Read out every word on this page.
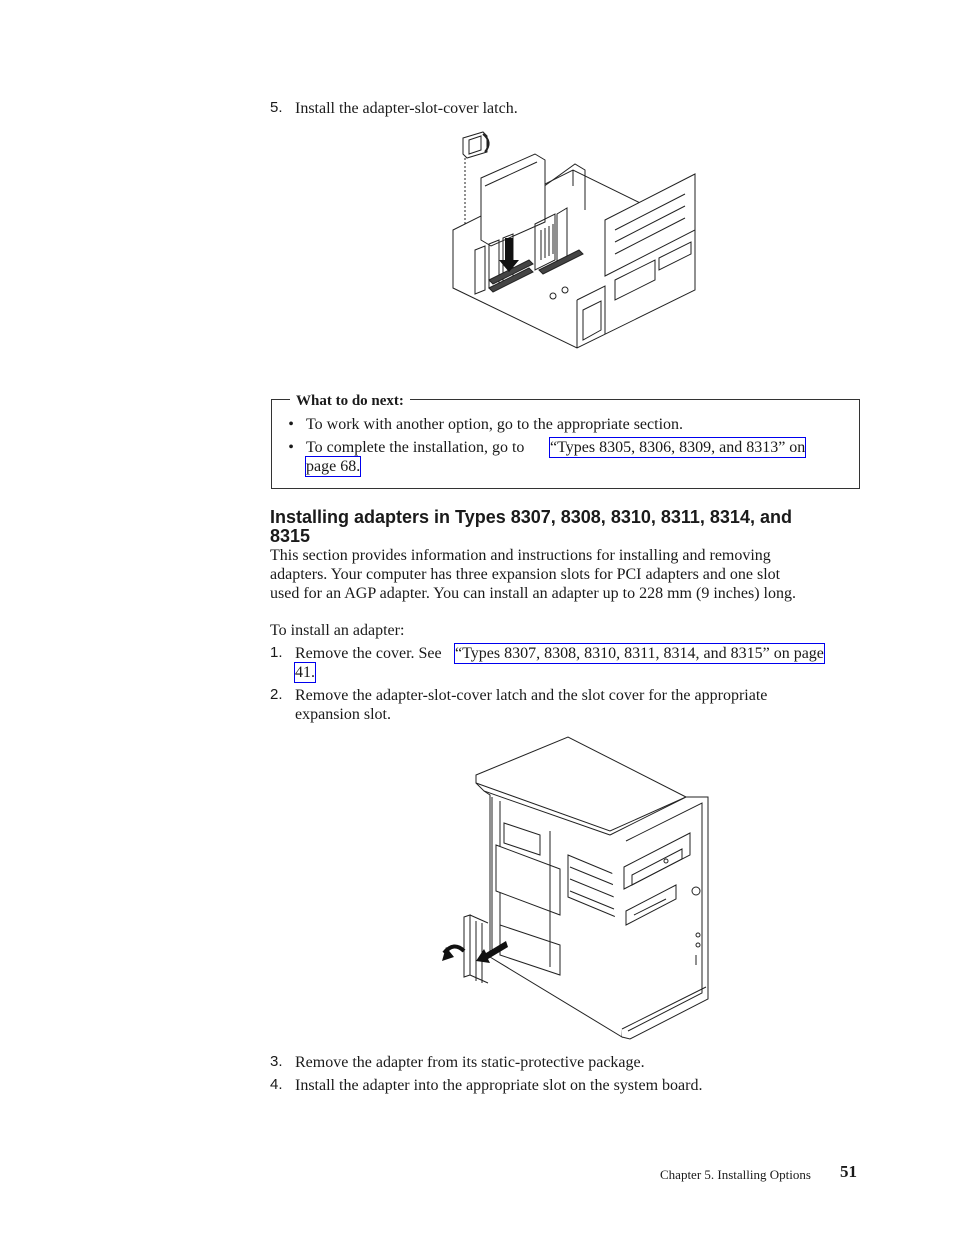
5. Install the adapter-slot-cover latch.
What to do next:
• To work with another option, go to the appropriate section.
• To complete the installation, go to “Types 8305, 8306, 8309, and 8313” on
page 68.
Installing adapters in Types 8307, 8308, 8310, 8311, 8314, and
8315
This section provides information and instructions for installing and removing
adapters. Your computer has three expansion slots for PCI adapters and one slot
used for an AGP adapter. You can install an adapter up to 228 mm (9 inches) long.
To install an adapter:
1. Remove the cover. See “Types 8307, 8308, 8310, 8311, 8314, and 8315” on page
41.
2. Remove the adapter-slot-cover latch and the slot cover for the appropriate
expansion slot.
3. Remove the adapter from its static-protective package.
4. Install the adapter into the appropriate slot on the system board.
Chapter 5. Installing Options 51
